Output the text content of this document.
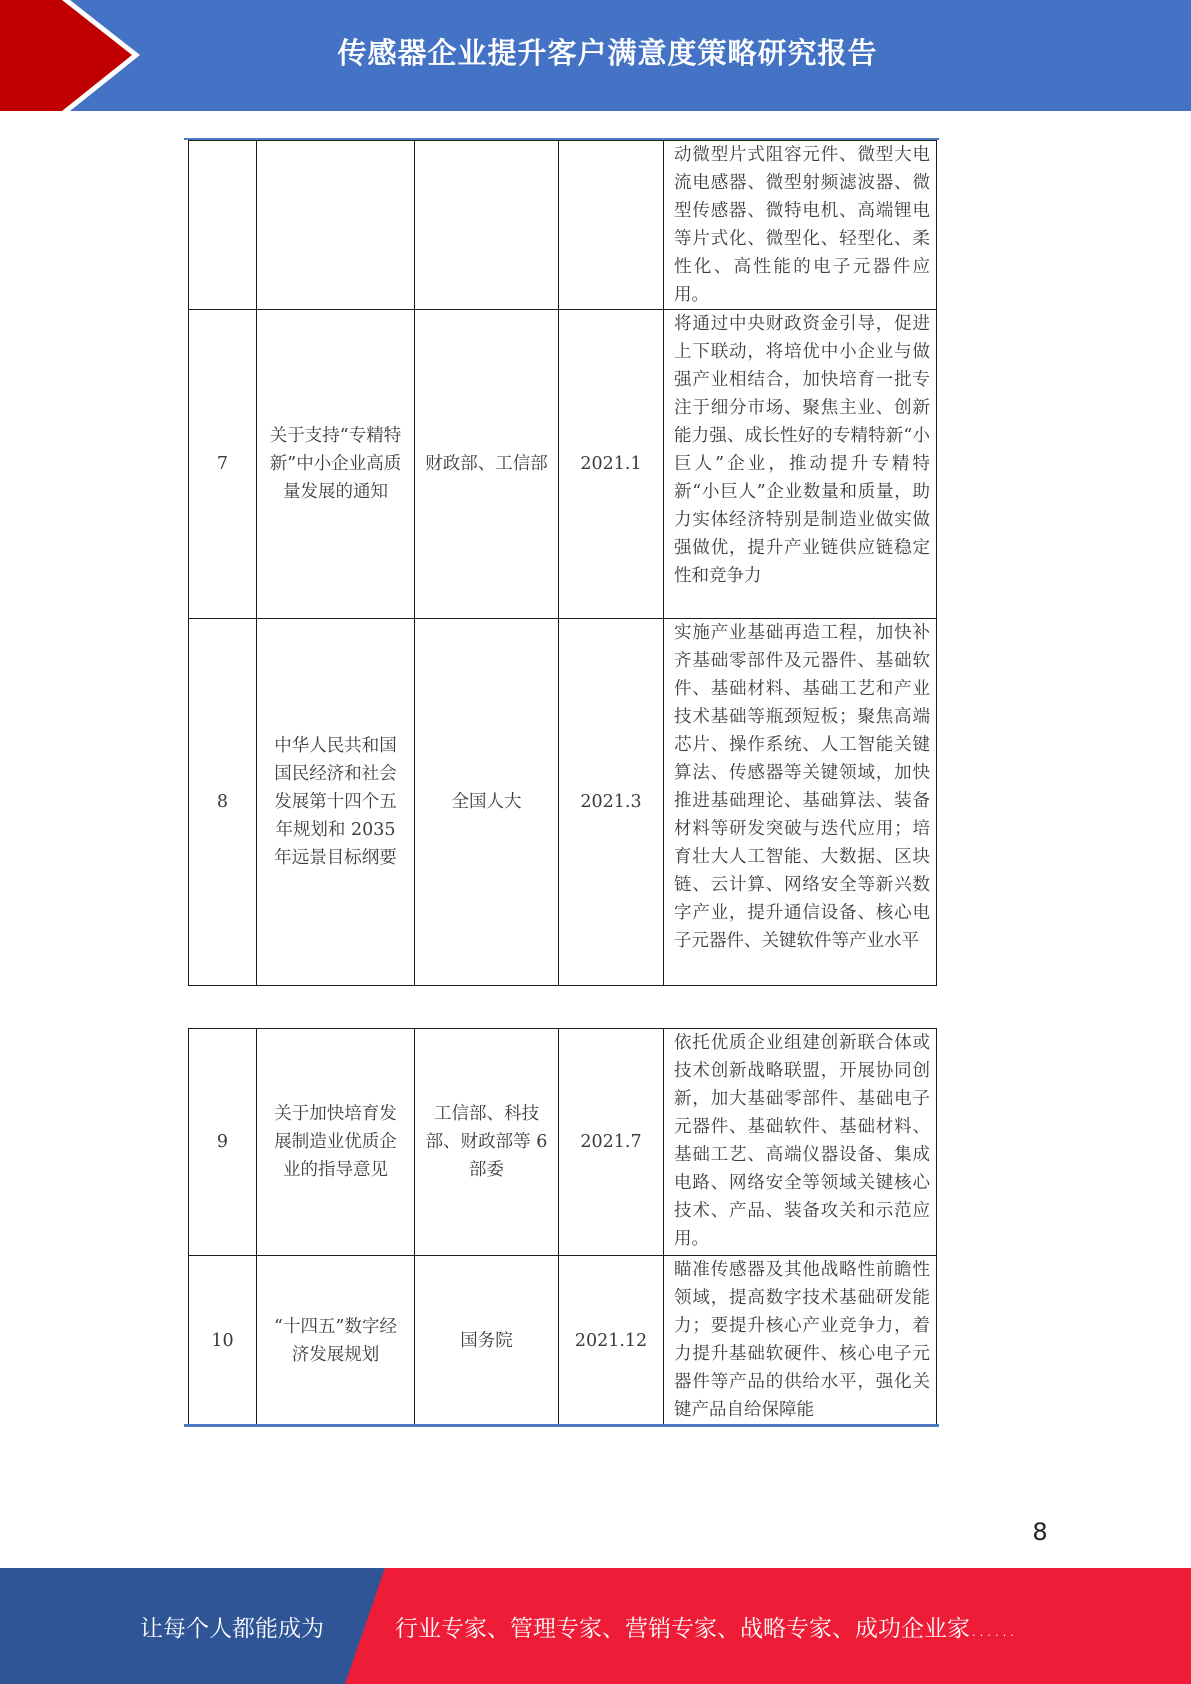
传感器企业提升客户满意度策略研究报告
				动微型片式阻容元件、微型大电流电感器、微型射频滤波器、微型传感器、微特电机、高端锂电等片式化、微型化、轻型化、柔性化、高性能的电子元器件应用。
7	关于支持“专精特新”中小企业高质量发展的通知	财政部、工信部	2021.1	将通过中央财政资金引导，促进上下联动，将培优中小企业与做强产业相结合，加快培育一批专注于细分市场、聚焦主业、创新能力强、成长性好的专精特新“小巨人”企业，推动提升专精特新“小巨人”企业数量和质量，助力实体经济特别是制造业做实做强做优，提升产业链供应链稳定性和竞争力
8	中华人民共和国国民经济和社会发展第十四个五年规划和 2035 年远景目标纲要	全国人大	2021.3	实施产业基础再造工程，加快补齐基础零部件及元器件、基础软件、基础材料、基础工艺和产业技术基础等瓶颈短板；聚焦高端芯片、操作系统、人工智能关键算法、传感器等关键领域，加快推进基础理论、基础算法、装备材料等研发突破与迭代应用；培育壮大人工智能、大数据、区块链、云计算、网络安全等新兴数字产业，提升通信设备、核心电子元器件、关键软件等产业水平
9	关于加快培育发展制造业优质企业的指导意见	工信部、科技部、财政部等 6 部委	2021.7	依托优质企业组建创新联合体或技术创新战略联盟，开展协同创新，加大基础零部件、基础电子元器件、基础软件、基础材料、基础工艺、高端仪器设备、集成电路、网络安全等领域关键核心技术、产品、装备攻关和示范应用。
10	“十四五”数字经济发展规划	国务院	2021.12	瞄准传感器及其他战略性前瞻性领域，提高数字技术基础研发能力；要提升核心产业竞争力，着力提升基础软硬件、核心电子元器件等产品的供给水平，强化关键产品自给保障能
8
让每个人都能成为	行业专家、管理专家、营销专家、战略专家、成功企业家……
